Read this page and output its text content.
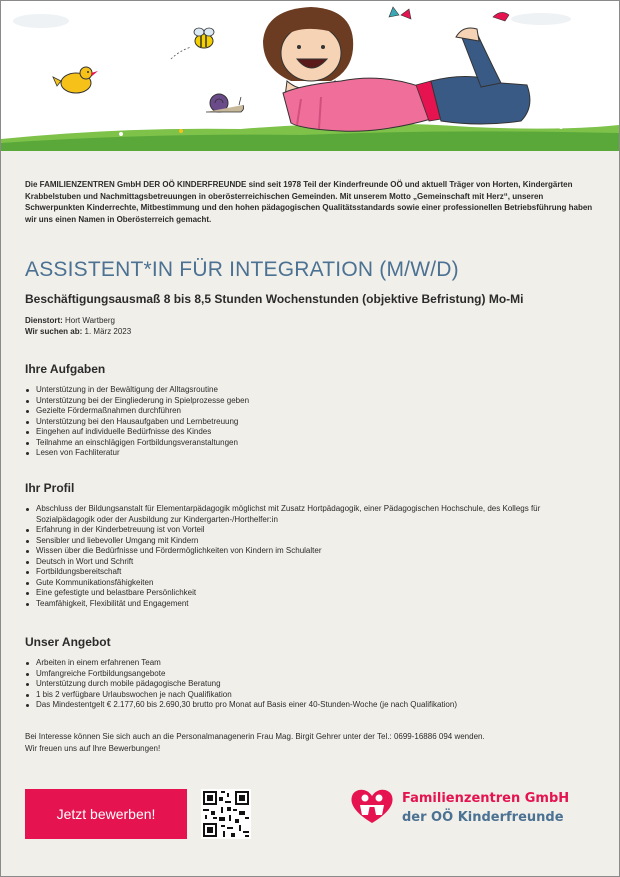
Die FAMILIENZENTREN GmbH DER OÖ KINDERFREUNDE sind seit 1978 Teil der Kinderfreunde OÖ und aktuell Träger von Horten, Kindergärten Krabbelstuben und Nachmittagsbetreuungen in oberösterreichischen Gemeinden. Mit unserem Motto „Gemeinschaft mit Herz“, unseren Schwerpunkten Kinderrechte, Mitbestimmung und den hohen pädagogischen Qualitätsstandards sowie einer professionellen Betriebsführung haben wir uns einen Namen in Oberösterreich gemacht.

ASSISTENT*IN FÜR INTEGRATION (M/W/D)
Beschäftigungsausmaß 8 bis 8,5 Stunden Wochenstunden (objektive Befristung) Mo-Mi
Dienstort: Hort Wartberg
Wir suchen ab: 1. März 2023
Ihre Aufgaben
Unterstützung in der Bewältigung der Alltagsroutine
Unterstützung bei der Eingliederung in Spielprozesse geben
Gezielte Fördermaßnahmen durchführen
Unterstützung bei den Hausaufgaben und Lernbetreuung
Eingehen auf individuelle Bedürfnisse des Kindes
Teilnahme an einschlägigen Fortbildungsveranstaltungen
Lesen von Fachliteratur
Ihr Profil
Abschluss der Bildungsanstalt für Elementarpädagogik möglichst mit Zusatz Hortpädagogik, einer Pädagogischen Hochschule, des Kollegs für Sozialpädagogik oder der Ausbildung zur Kindergarten-/Horthelfer:in
Erfahrung in der Kinderbetreuung ist von Vorteil
Sensibler und liebevoller Umgang mit Kindern
Wissen über die Bedürfnisse und Fördermöglichkeiten von Kindern im Schulalter
Deutsch in Wort und Schrift
Fortbildungsbereitschaft
Gute Kommunikationsfähigkeiten
Eine gefestigte und belastbare Persönlichkeit
Teamfähigkeit, Flexibilität und Engagement
Unser Angebot
Arbeiten in einem erfahrenen Team
Umfangreiche Fortbildungsangebote
Unterstützung durch mobile pädagogische Beratung
1 bis 2 verfügbare Urlaubswochen je nach Qualifikation
Das Mindestentgelt € 2.177,60 bis 2.690,30 brutto pro Monat auf Basis einer 40-Stunden-Woche (je nach Qualifikation)
Bei Interesse können Sie sich auch an die Personalmanagenerin Frau Mag. Birgit Gehrer unter der Tel.: 0699-16886 094 wenden.
Wir freuen uns auf Ihre Bewerbungen!
Jetzt bewerben!
Familienzentren GmbH
der OÖ Kinderfreunde
